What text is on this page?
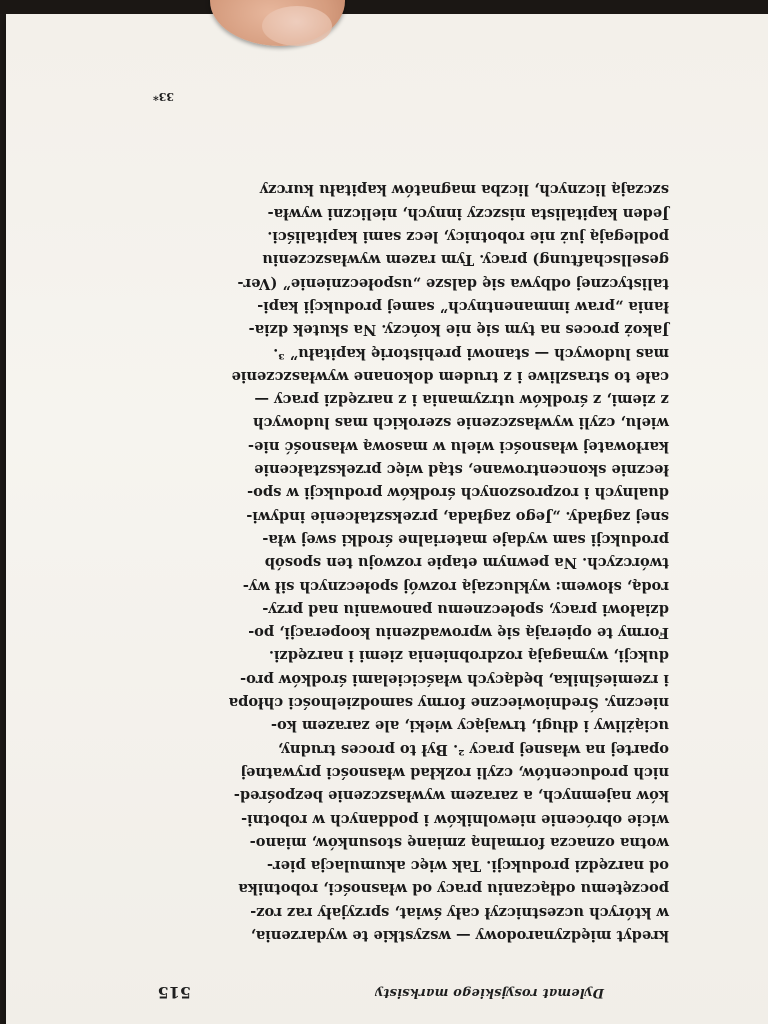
Dylemat rosyjskiego marksisty
515
kredyt międzynarodowy — wszystkie te wydarzenia,
w których uczestniczył cały świat, sprzyjały raz roz-
poczętemu odłączaniu pracy od własności, robotnika
od narzędzi produkcji. Tak więc akumulacja pier-
wotna oznacza formalną zmianę stosunków, miano-
wicie obrócenie niewolników i poddanych w robotni-
ków najemnych, a zarazem wywłaszczenie bezpośred-
nich producentów, czyli rozkład własności prywatnej
opartej na własnej pracy ². Był to proces trudny,
uciążliwy i długi, trwający wieki, ale zarazem ko-
nieczny. Średniowieczne formy samodzielności chłopa
i rzemieślnika, będących właścicielami środków pro-
dukcji, wymagają rozdrobnienia ziemi i narzędzi.
Formy te opierają się wprowadzeniu kooperacji, po-
działowi pracy, społecznemu panowaniu nad przy-
rodą, słowem: wykluczają rozwój społecznych sił wy-
twórczych. Na pewnym etapie rozwoju ten sposób
produkcji sam wydaje materialne środki swej wła-
snej zagłady. „Jego zagłada, przekształcenie indywi-
dualnych i rozproszonych środków produkcji w spo-
łecznie skoncentrowane, stąd więc przekształcenie
karłowatej własności wielu w masową własność nie-
wielu, czyli wywłaszczenie szerokich mas ludowych
z ziemi, z środków utrzymania i z narzędzi pracy —
całe to straszliwe i z trudem dokonane wywłaszczenie
mas ludowych — stanowi prehistorię kapitału” ³.
Jakoż proces na tym się nie kończy. Na skutek dzia-
łania „praw immanentnych” samej produkcji kapi-
talistycznej odbywa się dalsze „uspołecznienie” (Ver-
gesellschaftung) pracy. Tym razem wywłaszczeniu
podlegają już nie robotnicy, lecz sami kapitaliści.
Jeden kapitalista niszczy innych, nieliczni wywła-
szczają licznych, liczba magnatów kapitału kurczy
33*
